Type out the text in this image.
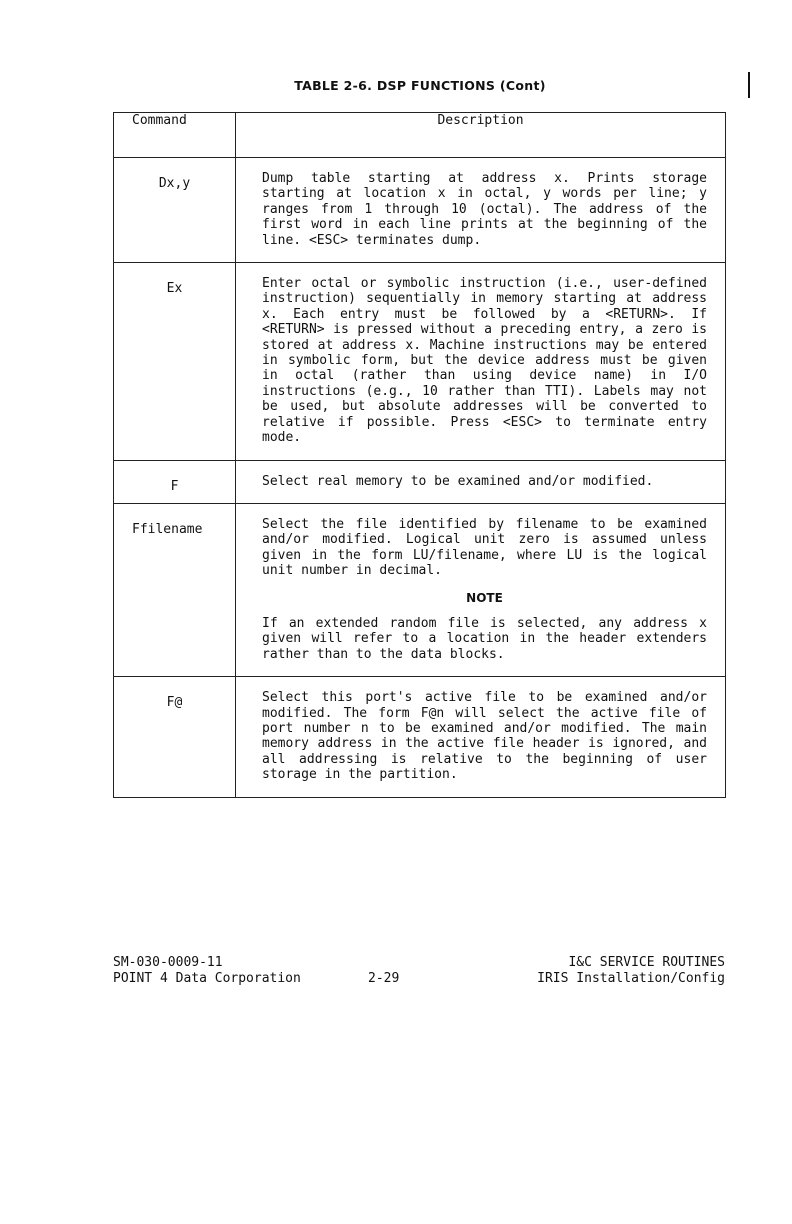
TABLE 2-6. DSP FUNCTIONS (Cont)
Command	Description
Dx,y	Dump table starting at address x. Prints storage starting at location x in octal, y words per line; y ranges from 1 through 10 (octal). The address of the first word in each line prints at the beginning of the line. <ESC> terminates dump.

Ex	Enter octal or symbolic instruction (i.e., user-defined instruction) sequentially in memory starting at address x. Each entry must be followed by a <RETURN>. If <RETURN> is pressed without a preceding entry, a zero is stored at address x. Machine instructions may be entered in symbolic form, but the device address must be given in octal (rather than using device name) in I/O instructions (e.g., 10 rather than TTI). Labels may not be used, but absolute addresses will be converted to relative if possible. Press <ESC> to terminate entry mode.

F	Select real memory to be examined and/or modified.

Ffilename	Select the file identified by filename to be examined and/or modified. Logical unit zero is assumed unless given in the form LU/filename, where LU is the logical unit number in decimal.

NOTE

If an extended random file is selected, any address x given will refer to a location in the header extenders rather than to the data blocks.

F@	Select this port's active file to be examined and/or modified. The form F@n will select the active file of port number n to be examined and/or modified. The main memory address in the active file header is ignored, and all addressing is relative to the beginning of user storage in the partition.

SM-030-0009-11
POINT 4 Data Corporation	2-29
I&C SERVICE ROUTINES
IRIS Installation/Config
